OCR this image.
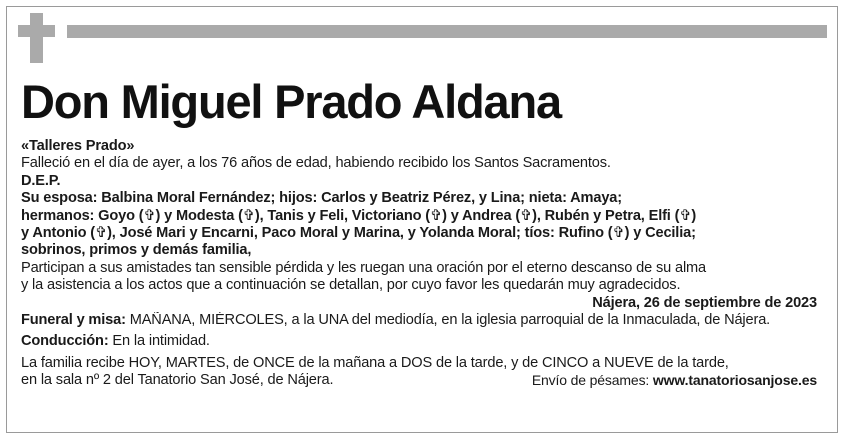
Don Miguel Prado Aldana
«Talleres Prado»
Falleció en el día de ayer, a los 76 años de edad, habiendo recibido los Santos Sacramentos.
D.E.P.
Su esposa: Balbina Moral Fernández; hijos: Carlos y Beatriz Pérez, y Lina; nieta: Amaya;
hermanos: Goyo (✞) y Modesta (✞), Tanis y Feli, Victoriano (✞) y Andrea (✞), Rubén y Petra, Elfi (✞)
y Antonio (✞), José Mari y Encarni, Paco Moral y Marina, y Yolanda Moral; tíos: Rufino (✞) y Cecilia;
sobrinos, primos y demás familia,
Participan a sus amistades tan sensible pérdida y les ruegan una oración por el eterno descanso de su alma
y la asistencia a los actos que a continuación se detallan, por cuyo favor les quedarán muy agradecidos.
Nájera, 26 de septiembre de 2023
Funeral y misa: MAÑANA, MIÉRCOLES, a la UNA del mediodía, en la iglesia parroquial de la Inmaculada, de Nájera.
Conducción: En la intimidad.
La familia recibe HOY, MARTES, de ONCE de la mañana a DOS de la tarde, y de CINCO a NUEVE de la tarde,
en la sala nº 2 del Tanatorio San José, de Nájera.	Envío de pésames: www.tanatoriosanjose.es
